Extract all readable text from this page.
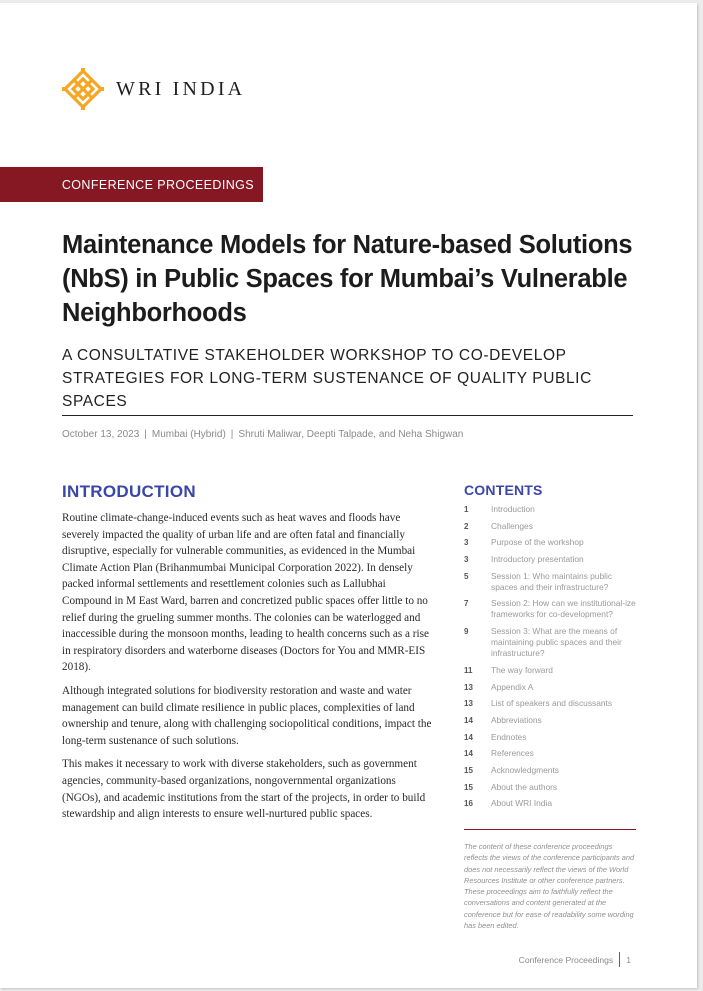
WRI INDIA
CONFERENCE PROCEEDINGS
Maintenance Models for Nature-based Solutions (NbS) in Public Spaces for Mumbai’s Vulnerable Neighborhoods
A CONSULTATIVE STAKEHOLDER WORKSHOP TO CO-DEVELOP STRATEGIES FOR LONG-TERM SUSTENANCE OF QUALITY PUBLIC SPACES
October 13, 2023 | Mumbai (Hybrid) | Shruti Maliwar, Deepti Talpade, and Neha Shigwan
INTRODUCTION

Routine climate-change-induced events such as heat waves and floods have severely impacted the quality of urban life and are often fatal and financially disruptive, especially for vulnerable communities, as evidenced in the Mumbai Climate Action Plan (Brihanmumbai Municipal Corporation 2022). In densely packed informal settlements and resettlement colonies such as Lallubhai Compound in M East Ward, barren and concretized public spaces offer little to no relief during the grueling summer months. The colonies can be waterlogged and inaccessible during the monsoon months, leading to health concerns such as a rise in respiratory disorders and waterborne diseases (Doctors for You and MMR-EIS 2018).

Although integrated solutions for biodiversity restoration and waste and water management can build climate resilience in public places, complexities of land ownership and tenure, along with challenging sociopolitical conditions, impact the long-term sustenance of such solutions.

This makes it necessary to work with diverse stakeholders, such as government agencies, community-based organizations, nongovernmental organizations (NGOs), and academic institutions from the start of the projects, in order to build stewardship and align interests to ensure well-nurtured public spaces.

CONTENTS
1	Introduction
2	Challenges
3	Purpose of the workshop
3	Introductory presentation
5	Session 1: Who maintains public spaces and their infrastructure?
7	Session 2: How can we institutional-ize frameworks for co-development?
9	Session 3: What are the means of maintaining public spaces and their infrastructure?
11	The way forward
13	Appendix A
13	List of speakers and discussants
14	Abbreviations
14	Endnotes
14	References
15	Acknowledgments
15	About the authors
16	About WRI India
The content of these conference proceedings reflects the views of the conference participants and does not necessarily reflect the views of the World Resources Institute or other conference partners. These proceedings aim to faithfully reflect the conversations and content generated at the conference but for ease of readability some wording has been edited.
Conference Proceedings 1
